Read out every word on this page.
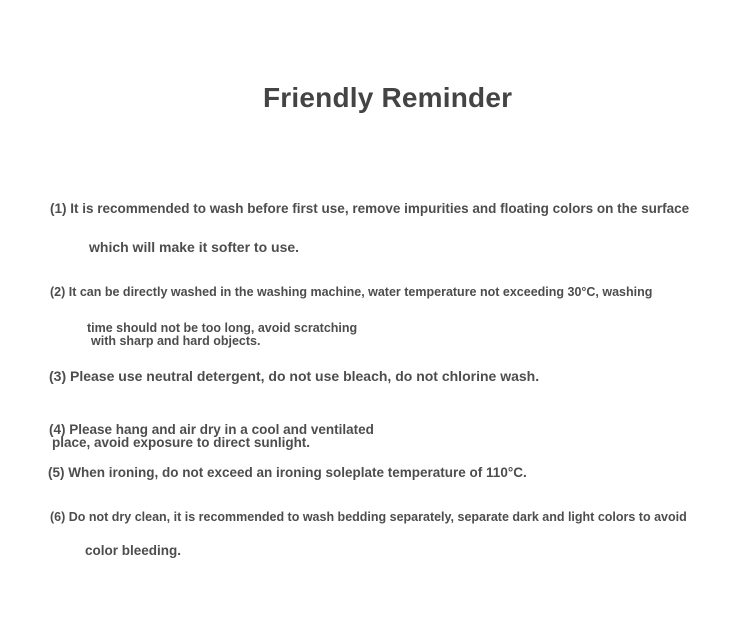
Friendly Reminder
(1) It is recommended to wash before first use, remove impurities and floating colors on the surface
which will make it softer to use.
(2) It can be directly washed in the washing machine, water temperature not exceeding 30°C, washing
time should not be too long, avoid scratching
with sharp and hard objects.
(3) Please use neutral detergent, do not use bleach, do not chlorine wash.
(4) Please hang and air dry in a cool and ventilated
place, avoid exposure to direct sunlight.
(5) When ironing, do not exceed an ironing soleplate temperature of 110°C.
(6) Do not dry clean, it is recommended to wash bedding separately, separate dark and light colors to avoid
color bleeding.
